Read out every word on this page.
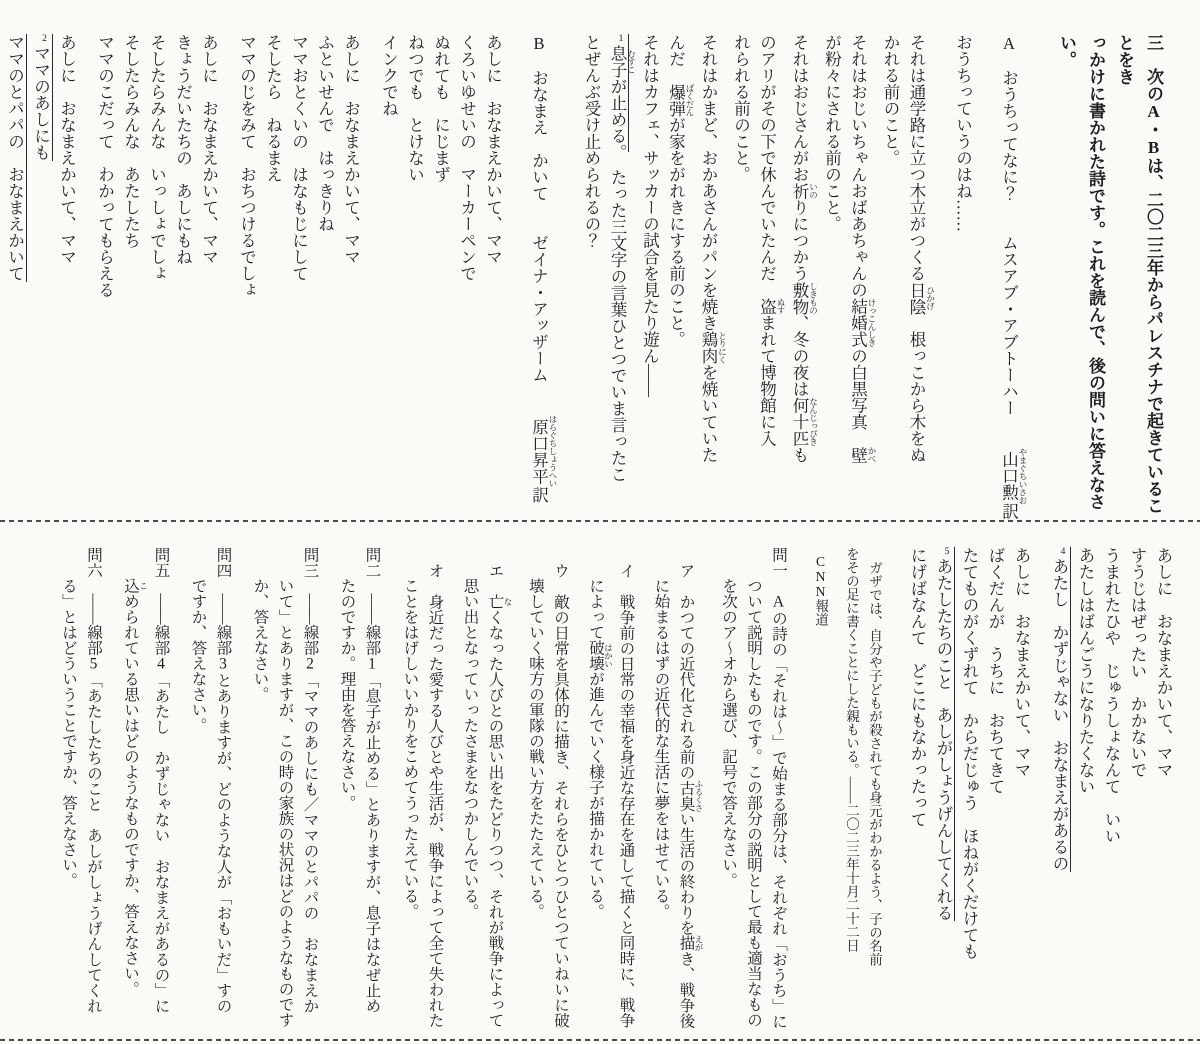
三　次のA・Bは、二〇二三年からパレスチナで起きていることをき
っかけに書かれた詩です。これを読んで、後の問いに答えなさい。
A　おうちってなに？　　ムスアブ・アブトーハー　　山口勲 やまぐちいさお訳
おうちっていうのはね……
それは通学路に立つ木立がつくる日陰 ひかげ　根っこから木をぬ
かれる前のこと。
それはおじいちゃんおばあちゃんの結婚式 けっこんしきの白黒写真　壁 かべ
が粉々にされる前のこと。
それはおじさんがお祈 いのりにつかう敷物 しきもの、冬の夜は何十匹 なんじっぴきも
のアリがその下で休んでいたんだ　盗 ぬすまれて博物館に入
れられる前のこと。
それはかまど、おかあさんがパンを焼き鶏肉 とりにくを焼いていた
んだ　爆弾 ばくだんが家をがれきにする前のこと。
それはカフェ、サッカーの試合を見たり遊ん——
1息子 むすこが止める。　たった三文字の言葉ひとつでいま言ったこ
とぜんぶ受け止められるの？
B　おなまえ　かいて　　ゼイナ・アッザーム　　原口昇平 はらぐちしょうへい訳
あしに　おなまえかいて、ママ
くろいゆせいの　マーカーペンで
ぬれても　にじまず
ねつでも　とけない
インクでね
あしに　おなまえかいて、ママ
ふといせんで　はっきりね
ママおとくいの　はなもじにして
そしたら　ねるまえ
ママのじをみて　おちつけるでしょ
あしに　おなまえかいて、ママ
きょうだいたちの　あしにもね
そしたらみんな　いっしょでしょ
そしたらみんな　あたしたち
ママのこだって　わかってもらえる
あしに　おなまえかいて、ママ
2ママのあしにも
ママのとパパの　おなまえかいて
あしに　おなまえかいて、ママ
すうじはぜったい　かかないで
うまれたひや　じゅうしょなんて　いい
あたしはばんごうになりたくない
4あたし　かずじゃない　おなまえがあるの
あしに　おなまえかいて、ママ
ばくだんが　うちに　おちてきて
たてものがくずれて　からだじゅう　ほねがくだけても
5あたしたちのこと　あしがしょうげんしてくれる
にげばなんて　どこにもなかったって
ガザでは、自分や子どもが殺されても身元がわかるよう、子の名前
をその足に書くことにした親もいる。——二〇二三年十月二十二日
CNN報道
問一　Aの詩の「それは〜」で始まる部分は、それぞれ「おうち」に
ついて説明したものです。この部分の説明として最も適当なもの
を次のア〜オから選び、記号で答えなさい。
ア　かつての近代化される前の古臭 ふるくさい生活の終わりを描 えがき、戦争後
に始まるはずの近代的な生活に夢をはせている。
イ　戦争前の日常の幸福を身近な存在を通して描くと同時に、戦争
によって破壊 はかいが進んでいく様子が描かれている。
ウ　敵の日常を具体的に描き、それらをひとつひとつていねいに破
壊していく味方の軍隊の戦い方をたたえている。
エ　亡 なくなった人びとの思い出をたどりつつ、それが戦争によって
思い出となっていったさまをなつかしんでいる。
オ　身近だった愛する人びとや生活が、戦争によって全て失われた
ことをはげしいいかりをこめてうったえている。
問二　——線部1「息子が止める」とありますが、息子はなぜ止め
たのですか。理由を答えなさい。
問三　——線部2「ママのあしにも／ママのとパパの　おなまえか
いて」とありますが、この時の家族の状況はどのようなものです
か、答えなさい。
問四　——線部3とありますが、どのような人が「おもいだ」すの
ですか、答えなさい。
問五　——線部4「あたし　かずじゃない　おなまえがあるの」に
込 こめられている思いはどのようなものですか、答えなさい。
問六　——線部5「あたしたちのこと　あしがしょうげんしてくれ
る」とはどういうことですか、答えなさい。
